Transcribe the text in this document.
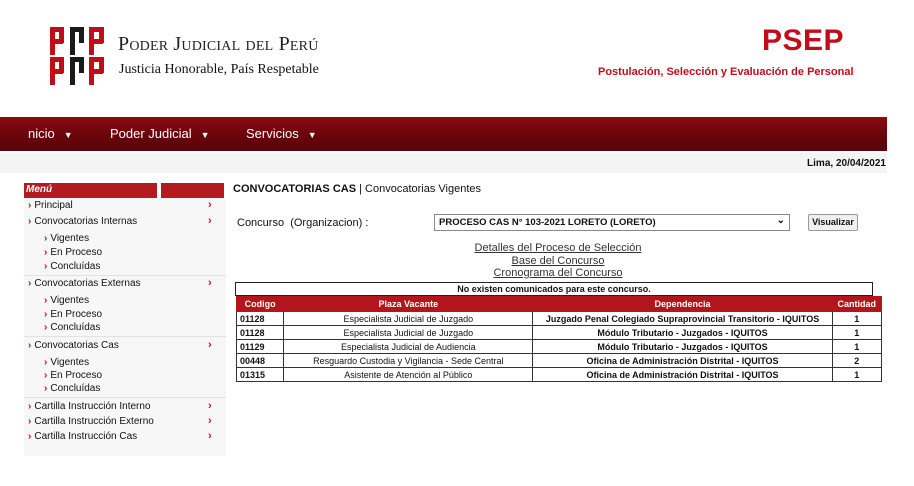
Poder Judicial del Perú
Justicia Honorable, País Respetable
PSEP
Postulación, Selección y Evaluación de Personal
nicio ▼	Poder Judicial ▼	Servicios ▼
Lima, 20/04/2021
Menú
› Principal	›
› Convocatorias Internas	›
› Vigentes
› En Proceso
› Concluídas
› Convocatorias Externas	›
› Vigentes
› En Proceso
› Concluídas
› Convocatorias Cas	›
› Vigentes
› En Proceso
› Concluídas
› Cartilla Instrucción Interno	›
› Cartilla Instrucción Externo	›
› Cartilla Instrucción Cas	›
CONVOCATORIAS CAS | Convocatorias Vigentes
Concurso  (Organizacion) :	PROCESO CAS N° 103-2021 LORETO (LORETO)	⌄	Visualizar
Detalles del Proceso de Selección
Base del Concurso
Cronograma del Concurso
No existen comunicados para este concurso.
Codigo	Plaza Vacante	Dependencia	Cantidad
01128	Especialista Judicial de Juzgado	Juzgado Penal Colegiado Supraprovincial Transitorio - IQUITOS	1
01128	Especialista Judicial de Juzgado	Módulo Tributario - Juzgados - IQUITOS	1
01129	Especialista Judicial de Audiencia	Módulo Tributario - Juzgados - IQUITOS	1
00448	Resguardo Custodia y Vigilancia - Sede Central	Oficina de Administración Distrital - IQUITOS	2
01315	Asistente de Atención al Público	Oficina de Administración Distrital - IQUITOS	1
